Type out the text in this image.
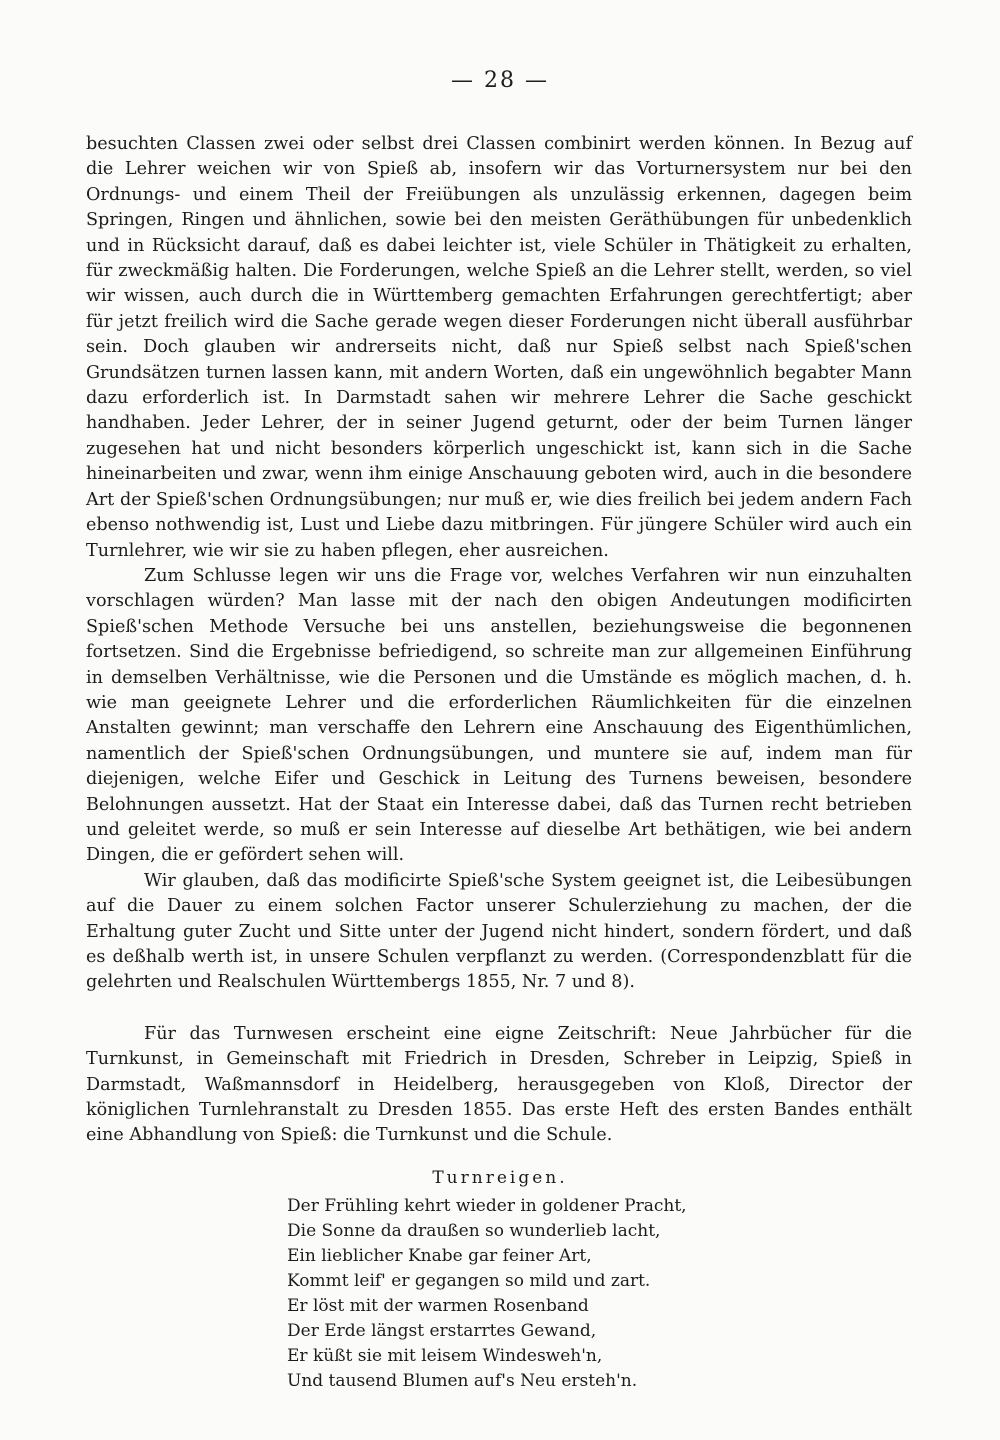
— 28 —

besuchten Classen zwei oder selbst drei Classen combinirt werden können. In Bezug auf die Lehrer weichen wir von Spieß ab, insofern wir das Vorturnersystem nur bei den Ordnungs- und einem Theil der Freiübungen als unzulässig erkennen, dagegen beim Springen, Ringen und ähnlichen, sowie bei den meisten Geräthübungen für unbedenklich und in Rücksicht darauf, daß es dabei leichter ist, viele Schüler in Thätigkeit zu erhalten, für zweckmäßig halten. Die Forderungen, welche Spieß an die Lehrer stellt, werden, so viel wir wissen, auch durch die in Württemberg gemachten Erfahrungen gerechtfertigt; aber für jetzt freilich wird die Sache gerade wegen dieser Forderungen nicht überall ausführbar sein. Doch glauben wir andrerseits nicht, daß nur Spieß selbst nach Spieß'schen Grundsätzen turnen lassen kann, mit andern Worten, daß ein ungewöhnlich begabter Mann dazu erforderlich ist. In Darmstadt sahen wir mehrere Lehrer die Sache geschickt handhaben. Jeder Lehrer, der in seiner Jugend geturnt, oder der beim Turnen länger zugesehen hat und nicht besonders körperlich ungeschickt ist, kann sich in die Sache hineinarbeiten und zwar, wenn ihm einige Anschauung geboten wird, auch in die besondere Art der Spieß'schen Ordnungsübungen; nur muß er, wie dies freilich bei jedem andern Fach ebenso nothwendig ist, Lust und Liebe dazu mitbringen. Für jüngere Schüler wird auch ein Turnlehrer, wie wir sie zu haben pflegen, eher ausreichen.

Zum Schlusse legen wir uns die Frage vor, welches Verfahren wir nun einzuhalten vorschlagen würden? Man lasse mit der nach den obigen Andeutungen modificirten Spieß'schen Methode Versuche bei uns anstellen, beziehungsweise die begonnenen fortsetzen. Sind die Ergebnisse befriedigend, so schreite man zur allgemeinen Einführung in demselben Verhältnisse, wie die Personen und die Umstände es möglich machen, d. h. wie man geeignete Lehrer und die erforderlichen Räumlichkeiten für die einzelnen Anstalten gewinnt; man verschaffe den Lehrern eine Anschauung des Eigenthümlichen, namentlich der Spieß'schen Ordnungsübungen, und muntere sie auf, indem man für diejenigen, welche Eifer und Geschick in Leitung des Turnens beweisen, besondere Belohnungen aussetzt. Hat der Staat ein Interesse dabei, daß das Turnen recht betrieben und geleitet werde, so muß er sein Interesse auf dieselbe Art bethätigen, wie bei andern Dingen, die er gefördert sehen will.

Wir glauben, daß das modificirte Spieß'sche System geeignet ist, die Leibesübungen auf die Dauer zu einem solchen Factor unserer Schulerziehung zu machen, der die Erhaltung guter Zucht und Sitte unter der Jugend nicht hindert, sondern fördert, und daß es deßhalb werth ist, in unsere Schulen verpflanzt zu werden. (Correspondenzblatt für die gelehrten und Realschulen Württembergs 1855, Nr. 7 und 8).

Für das Turnwesen erscheint eine eigne Zeitschrift: Neue Jahrbücher für die Turnkunst, in Gemeinschaft mit Friedrich in Dresden, Schreber in Leipzig, Spieß in Darmstadt, Waßmannsdorf in Heidelberg, herausgegeben von Kloß, Director der königlichen Turnlehranstalt zu Dresden 1855. Das erste Heft des ersten Bandes enthält eine Abhandlung von Spieß: die Turnkunst und die Schule.

Turnreigen.
Der Frühling kehrt wieder in goldener Pracht,
Die Sonne da draußen so wunderlieb lacht,
Ein lieblicher Knabe gar feiner Art,
Kommt leif' er gegangen so mild und zart.
Er löst mit der warmen Rosenband
Der Erde längst erstarrtes Gewand,
Er küßt sie mit leisem Windesweh'n,
Und tausend Blumen auf's Neu ersteh'n.
